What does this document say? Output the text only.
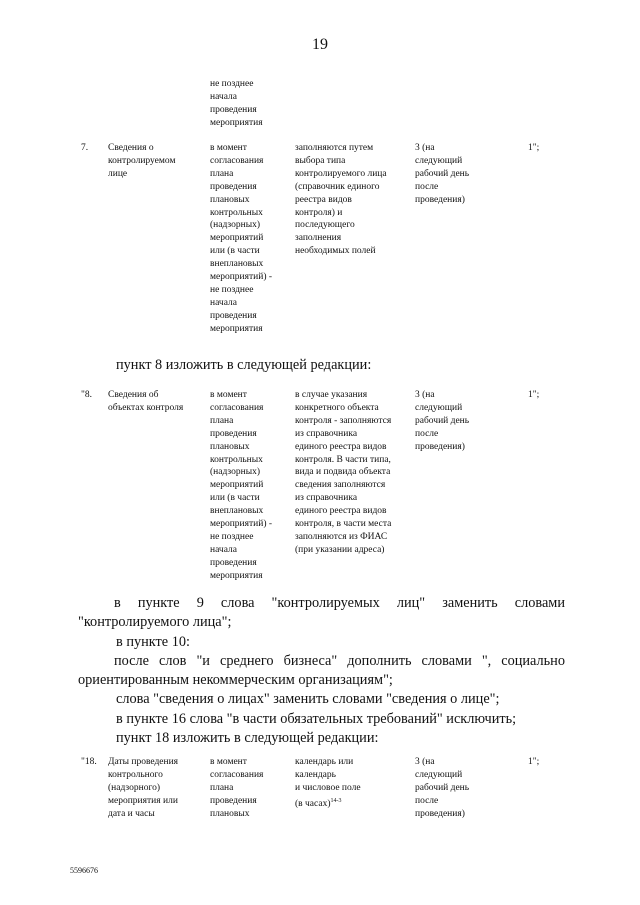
19
не позднее
начала
проведения
мероприятия
7. Сведения о
контролируемом
лице
в момент
согласования
плана
проведения
плановых
контрольных
(надзорных)
мероприятий
или (в части
внеплановых
мероприятий) -
не позднее
начала
проведения
мероприятия
заполняются путем
выбора типа
контролируемого лица
(справочник единого
реестра видов
контроля) и
последующего
заполнения
необходимых полей
3 (на
следующий
рабочий день
после
проведения)
1";
пункт 8 изложить в следующей редакции:
"8. Сведения об
объектах контроля
в момент
согласования
плана
проведения
плановых
контрольных
(надзорных)
мероприятий
или (в части
внеплановых
мероприятий) -
не позднее
начала
проведения
мероприятия
в случае указания
конкретного объекта
контроля - заполняются
из справочника
единого реестра видов
контроля. В части типа,
вида и подвида объекта
сведения заполняются
из справочника
единого реестра видов
контроля, в части места
заполняются из ФИАС
(при указании адреса)
3 (на
следующий
рабочий день
после
проведения)
1";
в пункте 9 слова "контролируемых лиц" заменить словами
"контролируемого лица";
в пункте 10:
после слов "и среднего бизнеса" дополнить словами ", социально
ориентированным некоммерческим организациям";
слова "сведения о лицах" заменить словами "сведения о лице";
в пункте 16 слова "в части обязательных требований" исключить;
пункт 18 изложить в следующей редакции:
"18. Даты проведения
контрольного
(надзорного)
мероприятия или
дата и часы
в момент
согласования
плана
проведения
плановых
календарь или
календарь
и числовое поле
(в часах)$^{14-3}$
3 (на
следующий
рабочий день
после
проведения)
1";
5596676
